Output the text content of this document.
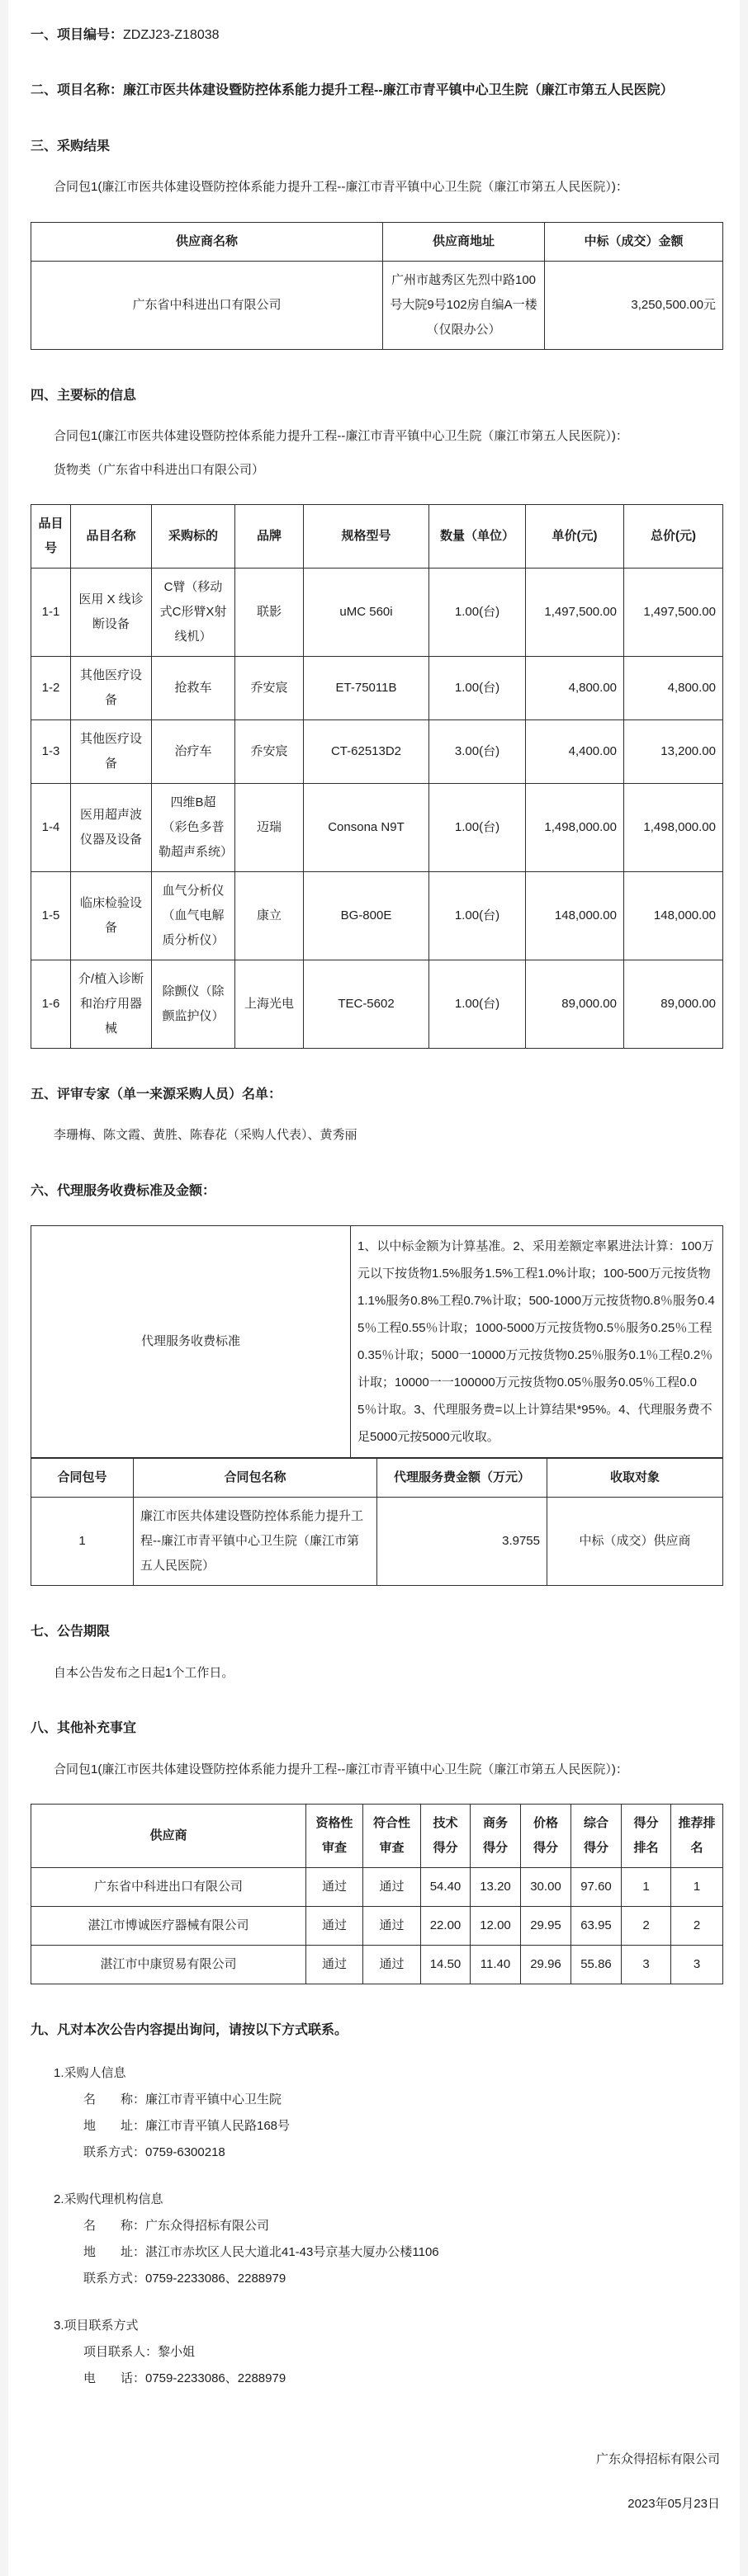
一、项目编号：ZDZJ23-Z18038
二、项目名称：廉江市医共体建设暨防控体系能力提升工程--廉江市青平镇中心卫生院（廉江市第五人民医院）
三、采购结果
合同包1(廉江市医共体建设暨防控体系能力提升工程--廉江市青平镇中心卫生院（廉江市第五人民医院）)：
供应商名称	供应商地址	中标（成交）金额
广东省中科进出口有限公司	广州市越秀区先烈中路100号大院9号102房自编A一楼（仅限办公）	3,250,500.00元
四、主要标的信息
合同包1(廉江市医共体建设暨防控体系能力提升工程--廉江市青平镇中心卫生院（廉江市第五人民医院）)：
货物类（广东省中科进出口有限公司）
品目号	品目名称	采购标的	品牌	规格型号	数量（单位）	单价(元)	总价(元)
1-1	医用 X 线诊断设备	C臂（移动式C形臂X射线机）	联影	uMC 560i	1.00(台)	1,497,500.00	1,497,500.00
1-2	其他医疗设备	抢救车	乔安宸	ET-75011B	1.00(台)	4,800.00	4,800.00
1-3	其他医疗设备	治疗车	乔安宸	CT-62513D2	3.00(台)	4,400.00	13,200.00
1-4	医用超声波仪器及设备	四维B超（彩色多普勒超声系统）	迈瑞	Consona N9T	1.00(台)	1,498,000.00	1,498,000.00
1-5	临床检验设备	血气分析仪（血气电解质分析仪）	康立	BG-800E	1.00(台)	148,000.00	148,000.00
1-6	介/植入诊断和治疗用器械	除颤仪（除颤监护仪）	上海光电	TEC-5602	1.00(台)	89,000.00	89,000.00
五、评审专家（单一来源采购人员）名单：
李珊梅、陈文霞、黄胜、陈春花（采购人代表）、黄秀丽
六、代理服务收费标准及金额：
代理服务收费标准	1、以中标金额为计算基准。2、采用差额定率累进法计算：100万元以下按货物1.5%服务1.5%工程1.0%计取；100-500万元按货物1.1%服务0.8%工程0.7%计取；500-1000万元按货物0.8％服务0.45％工程0.55％计取；1000-5000万元按货物0.5％服务0.25％工程0.35％计取；5000一10000万元按货物0.25％服务0.1％工程0.2％计取；10000一一100000万元按货物0.05％服务0.05％工程0.05％计取。3、代理服务费=以上计算结果*95%。4、代理服务费不足5000元按5000元收取。
合同包号	合同包名称	代理服务费金额（万元）	收取对象
1	廉江市医共体建设暨防控体系能力提升工程--廉江市青平镇中心卫生院（廉江市第五人民医院）	3.9755	中标（成交）供应商
七、公告期限
自本公告发布之日起1个工作日。
八、其他补充事宜
合同包1(廉江市医共体建设暨防控体系能力提升工程--廉江市青平镇中心卫生院（廉江市第五人民医院）)：
供应商	资格性审查	符合性审查	技术得分	商务得分	价格得分	综合得分	得分排名	推荐排名
广东省中科进出口有限公司	通过	通过	54.40	13.20	30.00	97.60	1	1
湛江市博诚医疗器械有限公司	通过	通过	22.00	12.00	29.95	63.95	2	2
湛江市中康贸易有限公司	通过	通过	14.50	11.40	29.96	55.86	3	3
九、凡对本次公告内容提出询问，请按以下方式联系。
1.采购人信息
名　　称：廉江市青平镇中心卫生院
地　　址：廉江市青平镇人民路168号
联系方式：0759-6300218
2.采购代理机构信息
名　　称：广东众得招标有限公司
地　　址：湛江市赤坎区人民大道北41-43号京基大厦办公楼1106
联系方式：0759-2233086、2288979
3.项目联系方式
项目联系人：黎小姐
电　　话：0759-2233086、2288979
广东众得招标有限公司
2023年05月23日
